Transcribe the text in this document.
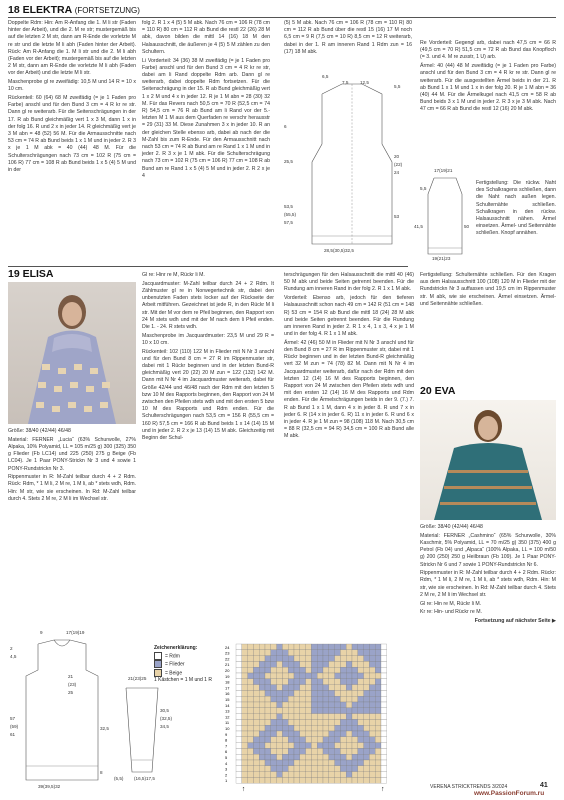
18 ELEKTRA (FORTSETZUNG)

Doppelte Rdm: Hin: Am R-Anfang die 1. M li str (Faden hinter der Arbeit), und die 2. M re str; mustergemäß bis auf die letzten 2 M str, dann am R-Ende die vorletzte M re str und die letzte M li abh (Faden hinter der Arbeit). Rück: Am R-Anfang die 1. M li str und die 2. M li abh (Faden vor der Arbeit); mustergemäß bis auf die letzten 2 M str, dann am R-Ende die vorletzte M li abh (Faden vor der Arbeit) und die letzte M li str.

Maschenprobe gl re zweifädig: 10,5 M und 14 R = 10 x 10 cm.

Rückenteil: 60 (64) 68 M zweifädig (= je 1 Faden pro Farbe) anschl und für den Bund 3 cm = 4 R kr re str. Dann gl re weiterarb. Für die Seitenschrägungen in der 17. R ab Bund gleichmäßig vert 1 x 3 M, dann 1 x in der folg 16. R und 2 x in jeder 14. R gleichmäßig vert je 3 M abn = 48 (52) 56 M. Für die Armausschnitte nach 53 cm = 74 R ab Bund beids 1 x 1 M und in jeder 2. R 3 x je 1 M abk = 40 (44) 48 M. Für die Schulterschrägungen nach 73 cm = 102 R (75 cm = 106 R) 77 cm = 108 R ab Bund beids 1 x 5 (4) 5 M und in der

folg 2. R 1 x 4 (5) 5 M abk. Nach 76 cm = 106 R (78 cm = 110 R) 80 cm = 112 R ab Bund die restl 22 (26) 28 M abk, davon bilden die mittl 14 (16) 18 M den Halsausschnitt, die äußeren je 4 (5) 5 M zählen zu den Schultern.

Li Vorderteil: 34 (36) 38 M zweifädig (= je 1 Faden pro Farbe) anschl und für den Bund 3 cm = 4 R kr re str, dabei am li Rand doppelte Rdm arb. Dann gl re weiterarb, dabei doppelte Rdm fortsetzen. Für die Seitenschrägung in der 15. R ab Bund gleichmäßig vert 1 x 2 M und 4 x in jeder 12. R je 1 M abn = 28 (30) 32 M. Für das Revers nach 50,5 cm = 70 R (52,5 cm = 74 R) 54,5 cm = 76 R ab Bund am li Rand vor der 5.-letzten M 1 M aus dem Querfaden re verschr herausstr = 29 (31) 33 M. Diese Zunahmen 3 x in jeder 10. R an der gleichen Stelle ebenso arb, dabei ab nach der die M-Zahl bis zum R-Ende. Für den Armausschnitt nach nach 53 cm = 74 R ab Bund am re Rand 1 x 1 M und in jeder 2. R 3 x je 1 M abk. Für die Schulterschrägung nach 73 cm = 102 R (75 cm = 106 R) 77 cm = 108 R ab Bund am re Rand 1 x 5 (4) 5 M und in jeder 2. R 2 x je 4

(5) 5 M abk. Nach 76 cm = 106 R (78 cm = 110 R) 80 cm = 112 R ab Bund über die restl 15 (16) 17 M noch 6,5 cm = 9 R (7,5 cm = 10 R) 8,5 cm = 12 R weiterarb, dabei in der 1. R am inneren Rand 1 Rdm zun = 16 (17) 18 M abk.

6,5
7,5	12,5
5,5
6
25,5
53,5
(55,5)
57,5
20
(22)
24
53
28,5(30,5)32,5
17(19)21
5,5
41,5	50
19(21)23

Re Vorderteil: Gegengl arb, dabei nach 47,5 cm = 66 R (49,5 cm = 70 R) 51,5 cm = 72 R ab Bund das Knopfloch (= 3. und 4. M re zusstr, 1 U) arb.

Ärmel: 40 (44) 48 M zweifädig (= je 1 Faden pro Farbe) anschl und für den Bund 3 cm = 4 R kr re str. Dann gl re weiterarb. Für die ausgestellten Ärmel beids in der 21. R ab Bund 1 x 1 M und 1 x in der folg 20. R je 1 M abn = 36 (40) 44 M. Für die Ärmelkugel nach 41,5 cm = 58 R ab Bund beids 3 x 1 M und in jeder 2. R 3 x je 3 M abk. Nach 47 cm = 66 R ab Bund die restl 12 (16) 20 M abk.

Fertigstellung: Die rückw. Naht des Schalkragens schließen, dann die Naht nach außen legen. Schulternähte schließen. Schalkragen in den rückw. Halsausschnitt nähen. Ärmel einsetzen. Ärmel- und Seitennähte schließen. Knopf annähen.

19 ELISA

Größe: 38/40 (42/44) 46/48

Material: FERNER „Lucia“ (63% Schurwolle, 27% Alpaka, 10% Polyamid, LL = 105 m/25 g) 300 (325) 350 g Flieder (Fb LC14) und 225 (250) 275 g Beige (Fb LC04). Je 1 Paar PONY-Strickn Nr 3 und 4 sowie 1 PONY-Rundstrickn Nr 3.

Rippenmuster in R: M-Zahl teilbar durch 4 + 2 Rdm. Rück: Rdm, * 1 M li, 2 M re, 1 M li, ab * stets wdh, Rdm. Hin: M str, wie sie erscheinen. In Rd: M-Zahl teilbar durch 4. Stets 2 M re, 2 M li im Wechsel str.

9	17(19)19
2
4,5
57
(59)
61
21
(23)
25
32,5
8
39(39,5)32
21(23)25
30,5
(32,5)
34,5
(5,5) (16,5)17,5

Gl re: Hinr re M, Rückr li M.

Jacquardmuster: M-Zahl teilbar durch 24 + 2 Rdm. It Zählmuster gl re in Norwegertechnik str, dabei den unbenutzten Faden stets locker auf der Rückseite der Arbeit mitführen. Gezeichnet ist jede R, in den Rückr M li str. Mit der M vor dem re Pfeil beginnen, den Rapport von 24 M stets wdh und mit der M nach dem li Pfeil enden. Die 1. - 24. R stets wdh.

Maschenprobe im Jacquardmuster: 23,5 M und 29 R = 10 x 10 cm.

Rückenteil: 102 (110) 122 M in Flieder mit N Nr 3 anschl und für den Bund 8 cm = 27 R im Rippenmuster str, dabei mit 1 Rückr beginnen und in der letzten Bund-R gleichmäßig vert 20 (22) 20 M zun = 122 (132) 142 M. Dann mit N Nr 4 im Jacquardmuster weiterarb, dabei für Größe 42/44 und 46/48 nach der Rdm mit den letzten 5 bzw 10 M des Rapports beginnen, den Rapport von 24 M zwischen den Pfeilen stets wdh und mit den ersten 5 bzw 10 M des Rapports und Rdm enden. Für die Schulterschrägungen nach 53,5 cm = 156 R (55,5 cm = 160 R) 57,5 cm = 166 R ab Bund beids 1 x 14 (14) 15 M und in jeder 2. R 2 x je 13 (14) 15 M abk. Gleichzeitig mit Beginn der Schul-

Zeichenerklärung:
= Rdm
= Flieder
= Beige
1 Kästchen = 1 M und 1 R
24
23
22
21
20
19
18
17
16
15
14
13
12
11
10
9
8
7
6
5
4
3
2
1
↑	↑

terschrägungen für den Halsausschnitt die mittl 40 (46) 50 M abk und beide Seiten getrennt beenden. Für die Rundung am inneren Rand in der folg 2. R 1 x 1 M abk.

Vorderteil: Ebenso arb, jedoch für den tieferen Halsausschnitt schon nach 49 cm = 142 R (51 cm = 148 R) 53 cm = 154 R ab Bund die mittl 18 (24) 28 M abk und beide Seiten getrennt beenden. Für die Rundung am inneren Rand in jeder 2. R 1 x 4, 1 x 3, 4 x je 1 M und in der folg 4. R 1 x 1 M abk.

Ärmel: 42 (46) 50 M in Flieder mit N Nr 3 anschl und für den Bund 8 cm = 27 R im Rippenmuster str, dabei mit 1 Rückr beginnen und in der letzten Bund-R gleichmäßig vert 32 M zun = 74 (78) 82 M. Dann mit N Nr 4 im Jacquardmuster weiterarb, dafür nach der Rdm mit den letzten 12 (14) 16 M des Rapports beginnen, den Rapport von 24 M zwischen den Pfeilen stets wdh und mit den ersten 12 (14) 16 M des Rapports und Rdm enden. Für die Ärmelschrägungen beids in der 9. (7.) 7. R ab Bund 1 x 1 M, dann 4 x in jeder 8. R und 7 x in jeder 6. R (14 x in jeder 6. R) 11 x in jeder 6. R und 6 x in jeder 4. R je 1 M zun = 98 (108) 118 M. Nach 30,5 cm = 88 R (32,5 cm = 94 R) 34,5 cm = 100 R ab Bund alle M abk.

Fertigstellung: Schulternähte schließen. Für den Kragen aus dem Halsausschnitt 100 (108) 120 M in Flieder mit der Rundstrickn Nr 3 auffassen und 19,5 cm im Rippenmuster str. M abk, wie sie erscheinen. Ärmel einsetzen. Ärmel- und Seitennähte schließen.

20 EVA

Größe: 38/40 (42/44) 46/48

Material: FERNER „Cashmino“ (65% Schurwolle, 30% Kaschmir, 5% Polyamid, LL = 70 m/25 g) 350 (375) 400 g Petrol (Fb 04) und „Alpaca“ (100% Alpaka, LL = 100 m/50 g) 200 (250) 250 g Heilbraun (Fb 109). Je 1 Paar PONY-Strickn Nr 6 und 7 sowie 1 PONY-Rundstrickn Nr 6.

Rippenmuster in R: M-Zahl teilbar durch 4 + 2 Rdm. Rückr: Rdm, * 1 M li, 2 M re, 1 M li, ab * stets wdh, Rdm. Hin: M str, wie sie erscheinen. In Rd: M-Zahl teilbar durch 4. Stets 2 M re, 2 M li im Wechsel str.

Gl re: Hin re M, Rückr li M.

Kr re: Hin- und Rückr re M.

Fortsetzung auf nächster Seite ▶

VERENA STRICKTRENDS 3/2024	41
www.PassionForum.ru
